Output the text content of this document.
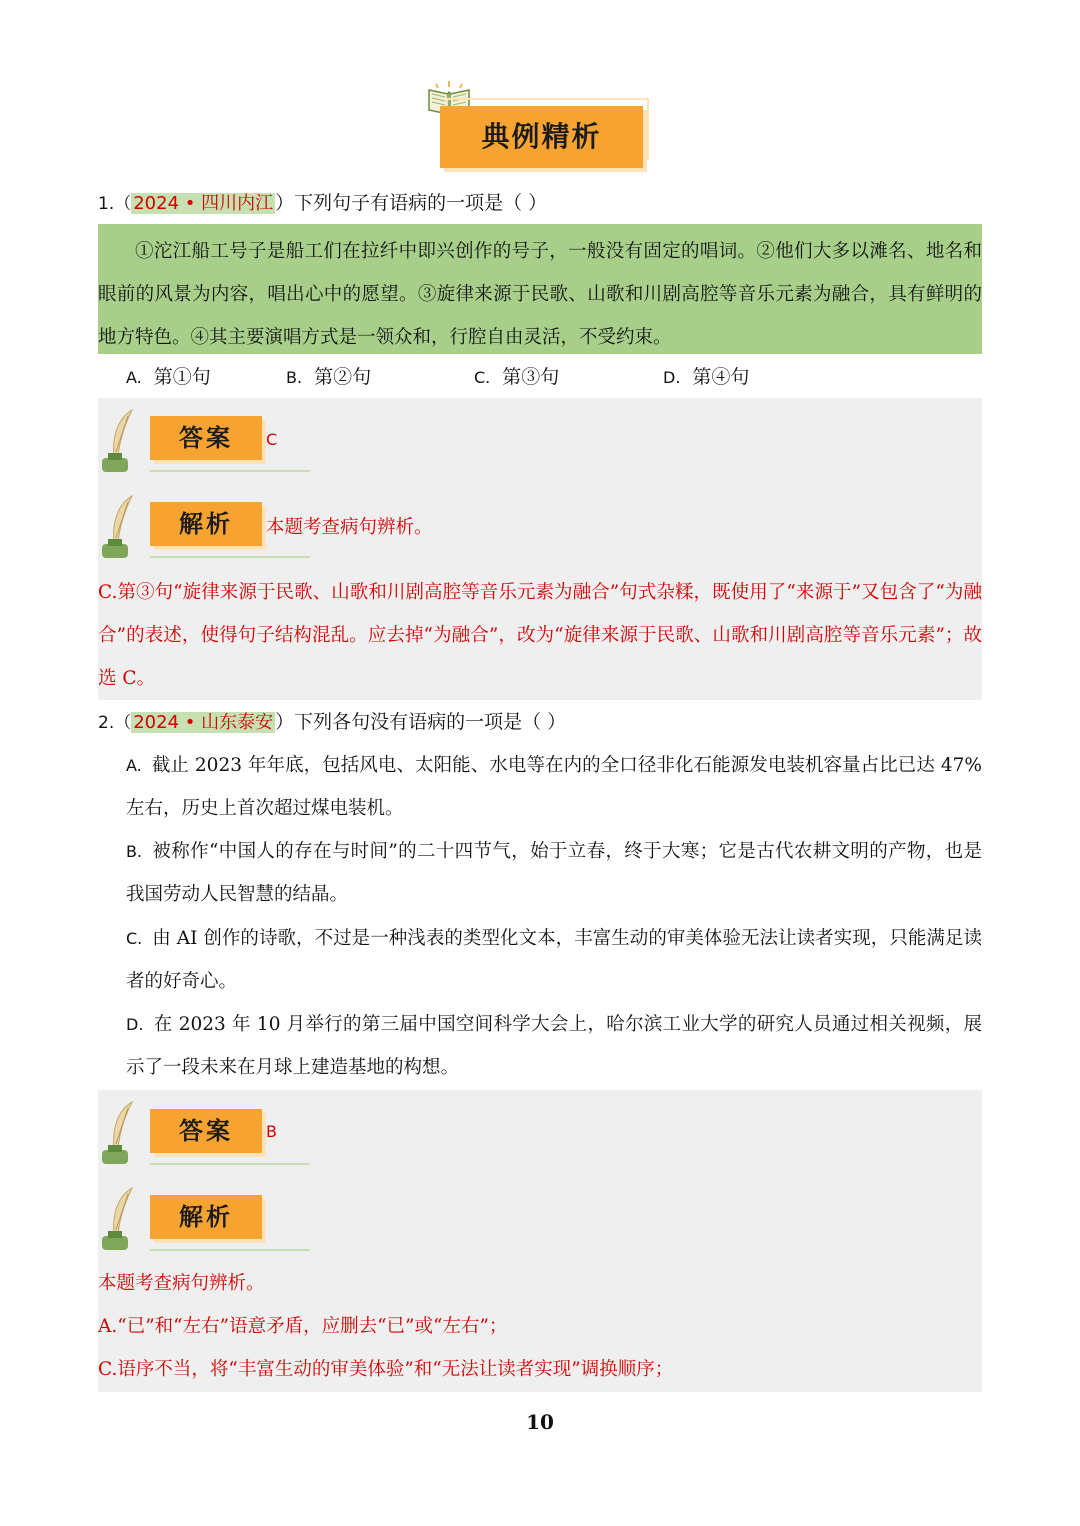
典例精析
1.（ 2024 • 四川内江 ）下列句子有语病的一项是（ ）

①沱江船工号子是船工们在拉纤中即兴创作的号子，一般没有固定的唱词。②他们大多以滩名、地名和眼前的风景为内容，唱出心中的愿望。③旋律来源于民歌、山歌和川剧高腔等音乐元素为融合，具有鲜明的地方特色。④其主要演唱方式是一领众和，行腔自由灵活，不受约束。

A. 第①句	B. 第②句	C. 第③句	D. 第④句
答案	C
解析	本题考查病句辨析。
C.第③句“旋律来源于民歌、山歌和川剧高腔等音乐元素为融合”句式杂糅，既使用了“来源于”又包含了“为融合”的表述，使得句子结构混乱。应去掉“为融合”，改为“旋律来源于民歌、山歌和川剧高腔等音乐元素”；故选 C。
2.（ 2024 • 山东泰安 ）下列各句没有语病的一项是（ ）
A. 截止 2023 年年底，包括风电、太阳能、水电等在内的全口径非化石能源发电装机容量占比已达 47%左右，历史上首次超过煤电装机。
B. 被称作“中国人的存在与时间”的二十四节气，始于立春，终于大寒；它是古代农耕文明的产物，也是我国劳动人民智慧的结晶。
C. 由 AI 创作的诗歌，不过是一种浅表的类型化文本，丰富生动的审美体验无法让读者实现，只能满足读者的好奇心。
D. 在 2023 年 10 月举行的第三届中国空间科学大会上，哈尔滨工业大学的研究人员通过相关视频，展示了一段未来在月球上建造基地的构想。
答案	B
解析
本题考查病句辨析。
A.“已”和“左右”语意矛盾，应删去“已”或“左右”；
C.语序不当，将“丰富生动的审美体验”和“无法让读者实现”调换顺序；
10
